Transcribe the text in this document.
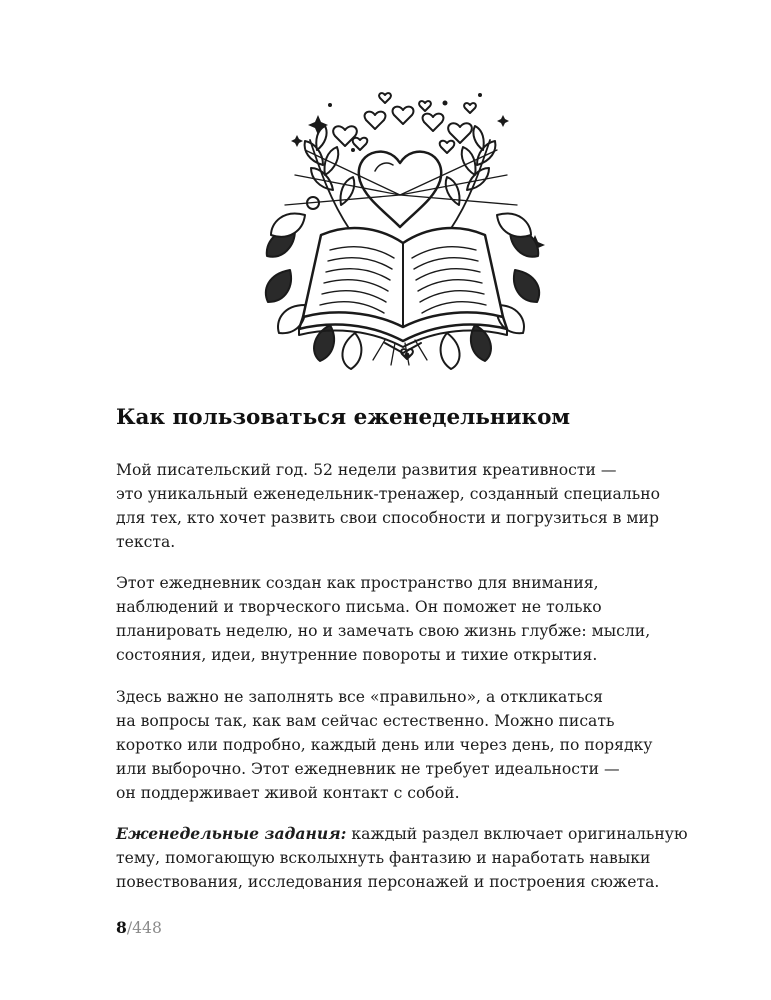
Как пользоваться еженедельником

Мой писательский год. 52 недели развития креативности —
это уникальный еженедельник-тренажер, созданный специально
для тех, кто хочет развить свои способности и погрузиться в мир
текста.

Этот ежедневник создан как пространство для внимания,
наблюдений и творческого письма. Он поможет не только
планировать неделю, но и замечать свою жизнь глубже: мысли,
состояния, идеи, внутренние повороты и тихие открытия.

Здесь важно не заполнять все «правильно», а откликаться
на вопросы так, как вам сейчас естественно. Можно писать
коротко или подробно, каждый день или через день, по порядку
или выборочно. Этот ежедневник не требует идеальности —
он поддерживает живой контакт с собой.

Еженедельные задания: каждый раздел включает оригинальную
тему, помогающую всколыхнуть фантазию и наработать навыки
повествования, исследования персонажей и построения сюжета.

8/448
